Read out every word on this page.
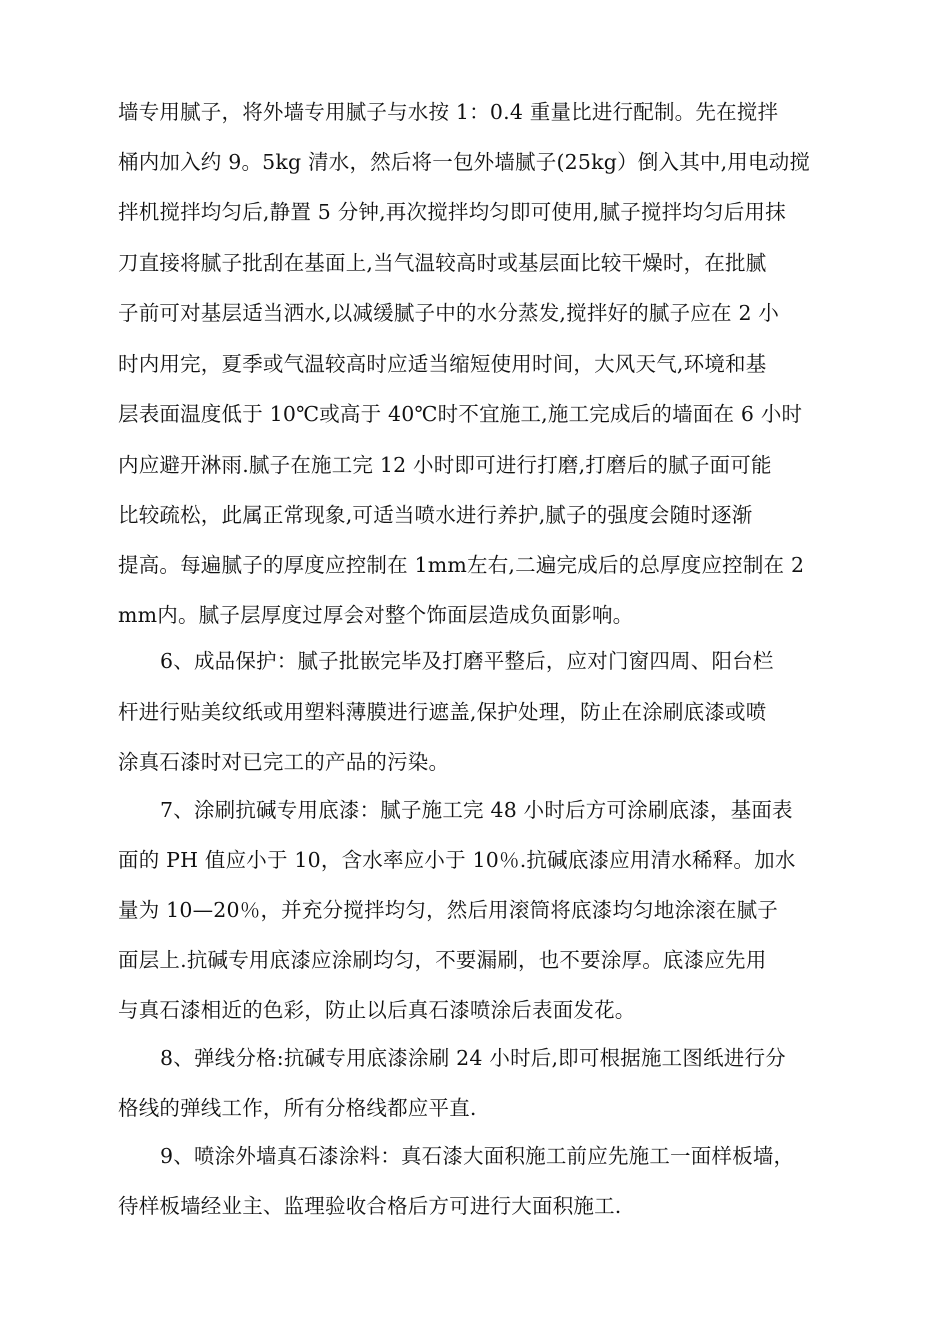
墙专用腻子，将外墙专用腻子与水按 1：0.4 重量比进行配制。先在搅拌
桶内加入约 9。5kg 清水，然后将一包外墙腻子(25kg）倒入其中,用电动搅
拌机搅拌均匀后,静置 5 分钟,再次搅拌均匀即可使用,腻子搅拌均匀后用抹
刀直接将腻子批刮在基面上,当气温较高时或基层面比较干燥时，在批腻
子前可对基层适当洒水,以减缓腻子中的水分蒸发,搅拌好的腻子应在 2 小
时内用完，夏季或气温较高时应适当缩短使用时间，大风天气,环境和基
层表面温度低于 10℃或高于 40℃时不宜施工,施工完成后的墙面在 6 小时
内应避开淋雨.腻子在施工完 12 小时即可进行打磨,打磨后的腻子面可能
比较疏松，此属正常现象,可适当喷水进行养护,腻子的强度会随时逐渐
提高。每遍腻子的厚度应控制在 1mm左右,二遍完成后的总厚度应控制在 2
mm内。腻子层厚度过厚会对整个饰面层造成负面影响。
6、成品保护：腻子批嵌完毕及打磨平整后，应对门窗四周、阳台栏
杆进行贴美纹纸或用塑料薄膜进行遮盖,保护处理，防止在涂刷底漆或喷
涂真石漆时对已完工的产品的污染。
7、涂刷抗碱专用底漆：腻子施工完 48 小时后方可涂刷底漆，基面表
面的 PH 值应小于 10，含水率应小于 10％.抗碱底漆应用清水稀释。加水
量为 10—20％，并充分搅拌均匀，然后用滚筒将底漆均匀地涂滚在腻子
面层上.抗碱专用底漆应涂刷均匀，不要漏刷，也不要涂厚。底漆应先用
与真石漆相近的色彩，防止以后真石漆喷涂后表面发花。
8、弹线分格:抗碱专用底漆涂刷 24 小时后,即可根据施工图纸进行分
格线的弹线工作，所有分格线都应平直.
9、喷涂外墙真石漆涂料：真石漆大面积施工前应先施工一面样板墙，
待样板墙经业主、监理验收合格后方可进行大面积施工.
